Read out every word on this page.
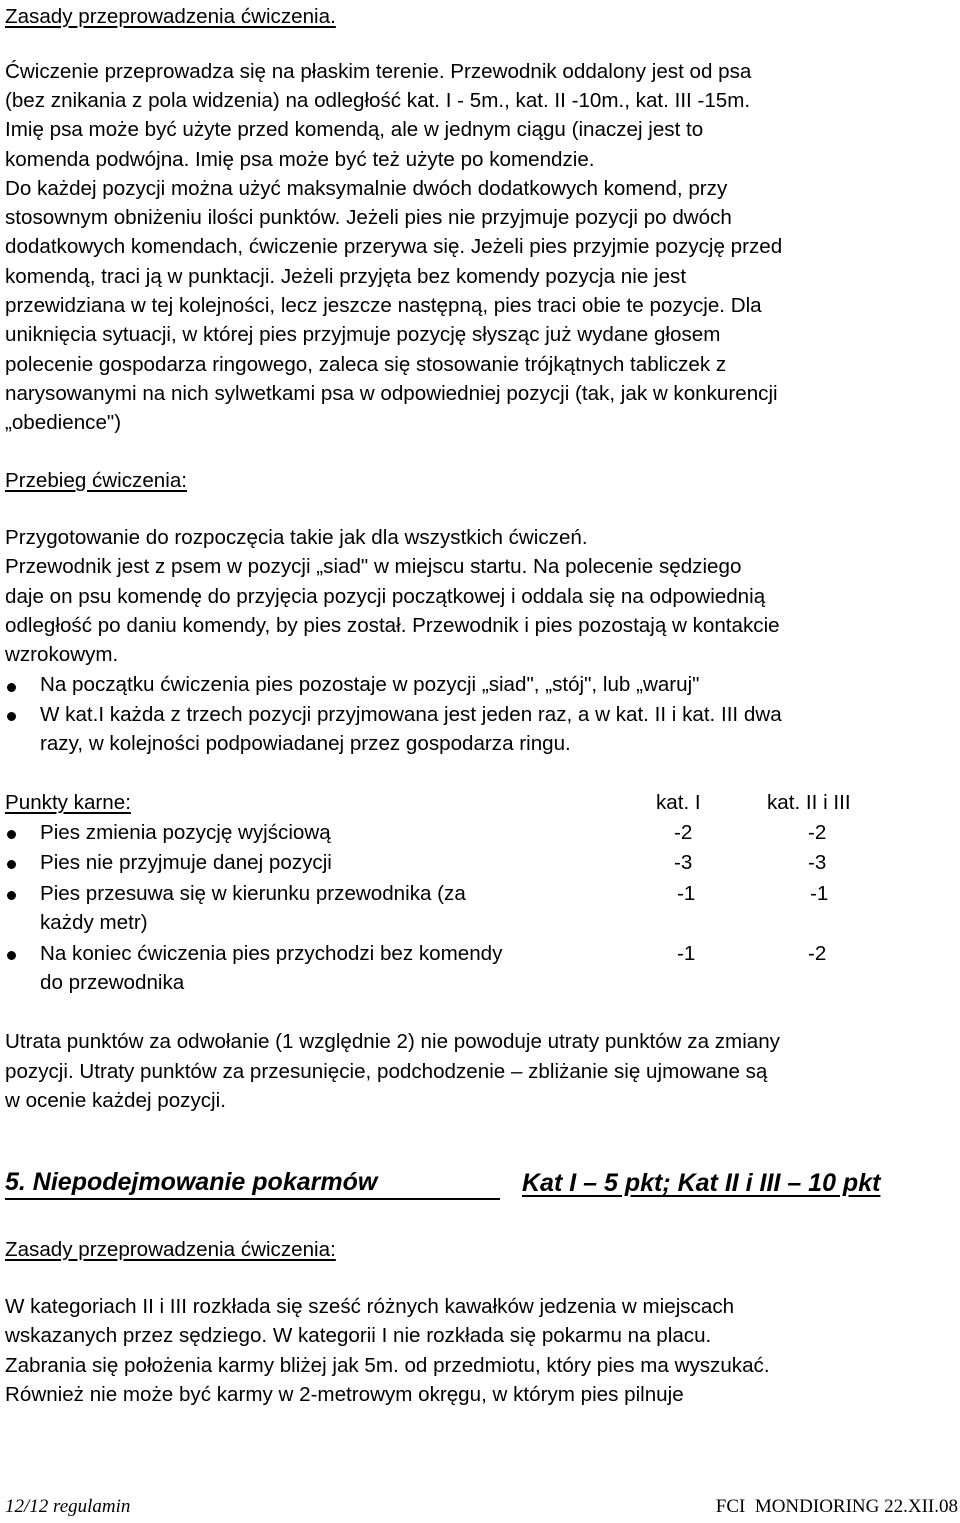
Zasady przeprowadzenia ćwiczenia.

Ćwiczenie przeprowadza się na płaskim terenie. Przewodnik oddalony jest od psa

(bez znikania z pola widzenia) na odległość kat. I - 5m., kat. II -10m., kat. III -15m.

Imię psa może być użyte przed komendą, ale w jednym ciągu (inaczej jest to

komenda podwójna. Imię psa może być też użyte po komendzie.

Do każdej pozycji można użyć maksymalnie dwóch dodatkowych komend, przy

stosownym obniżeniu ilości punktów. Jeżeli pies nie przyjmuje pozycji po dwóch

dodatkowych komendach, ćwiczenie przerywa się. Jeżeli pies przyjmie pozycję przed

komendą, traci ją w punktacji. Jeżeli przyjęta bez komendy pozycja nie jest

przewidziana w tej kolejności, lecz jeszcze następną, pies traci obie te pozycje. Dla

uniknięcia sytuacji, w której pies przyjmuje pozycję słysząc już wydane głosem

polecenie gospodarza ringowego, zaleca się stosowanie trójkątnych tabliczek z

narysowanymi na nich sylwetkami psa w odpowiedniej pozycji (tak, jak w konkurencji

„obedience")

Przebieg ćwiczenia:

Przygotowanie do rozpoczęcia takie jak dla wszystkich ćwiczeń.

Przewodnik jest z psem w pozycji „siad" w miejscu startu. Na polecenie sędziego

daje on psu komendę do przyjęcia pozycji początkowej i oddala się na odpowiednią

odległość po daniu komendy, by pies został. Przewodnik i pies pozostają w kontakcie

wzrokowym.

Na początku ćwiczenia pies pozostaje w pozycji „siad", „stój", lub „waruj"

W kat.I każda z trzech pozycji przyjmowana jest jeden raz, a w kat. II i kat. III dwa

razy, w kolejności podpowiadanej przez gospodarza ringu.

Punkty karne:	kat. I	kat. II i III

Pies zmienia pozycję wyjściową	-2	-2

Pies nie przyjmuje danej pozycji	-3	-3

Pies przesuwa się w kierunku przewodnika (za

każdy metr)

-1	-1

Na koniec ćwiczenia pies przychodzi bez komendy

do przewodnika

-1	-2

Utrata punktów za odwołanie (1 względnie 2) nie powoduje utraty punktów za zmiany

pozycji. Utraty punktów za przesunięcie, podchodzenie – zbliżanie się ujmowane są

w ocenie każdej pozycji.

5. Niepodejmowanie pokarmów	Kat I – 5 pkt; Kat II i III – 10 pkt

Zasady przeprowadzenia ćwiczenia:

W kategoriach II i III rozkłada się sześć różnych kawałków jedzenia w miejscach

wskazanych przez sędziego. W kategorii I nie rozkłada się pokarmu na placu.

Zabrania się położenia karmy bliżej jak 5m. od przedmiotu, który pies ma wyszukać.

Również nie może być karmy w 2-metrowym okręgu, w którym pies pilnuje

12/12 regulamin	FCI  MONDIORING 22.XII.08
